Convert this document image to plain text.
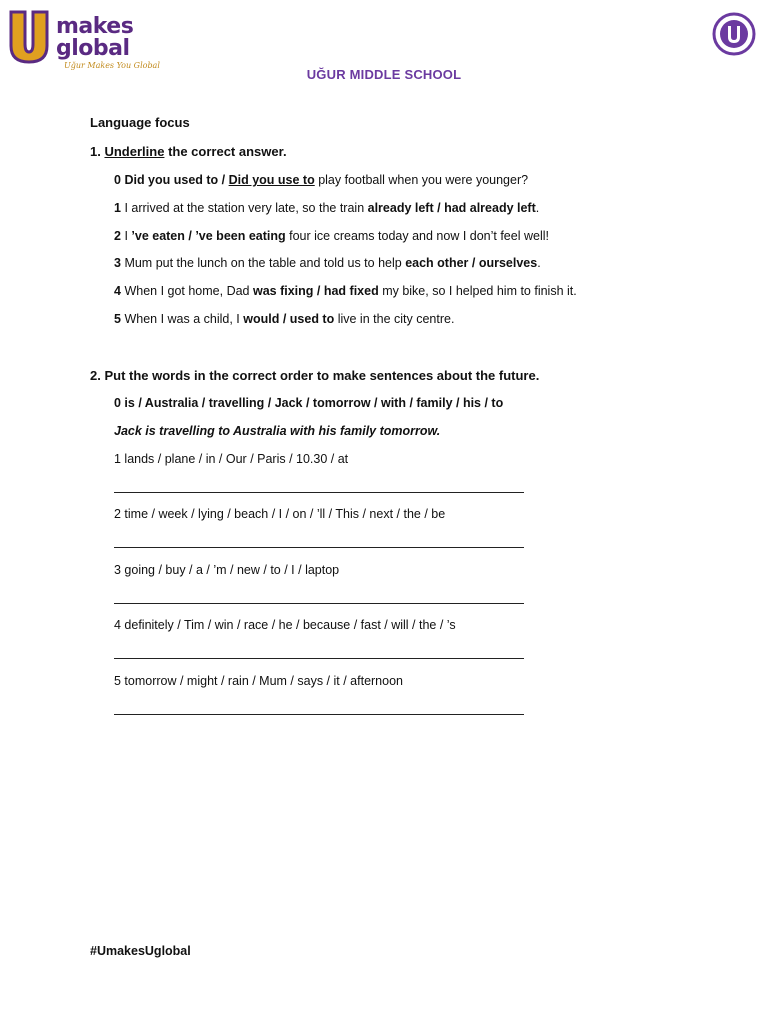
makes
global
Uğur Makes You Global
UĞUR MIDDLE SCHOOL
Language focus
1. Underline the correct answer.
0 Did you used to / Did you use to play football when you were younger?
1 I arrived at the station very late, so the train already left / had already left.
2 I ’ve eaten / ’ve been eating four ice creams today and now I don’t feel well!
3 Mum put the lunch on the table and told us to help each other / ourselves.
4 When I got home, Dad was fixing / had fixed my bike, so I helped him to finish it.
5 When I was a child, I would / used to live in the city centre.
2. Put the words in the correct order to make sentences about the future.
0 is / Australia / travelling / Jack / tomorrow / with / family / his / to
Jack is travelling to Australia with his family tomorrow.
1 lands / plane / in / Our / Paris / 10.30 / at
2 time / week / lying / beach / I / on / ’ll / This / next / the / be
3 going / buy / a / ’m / new / to / I / laptop
4 definitely / Tim / win / race / he / because / fast / will / the / ’s
5 tomorrow / might / rain / Mum / says / it / afternoon
#UmakesUglobal
